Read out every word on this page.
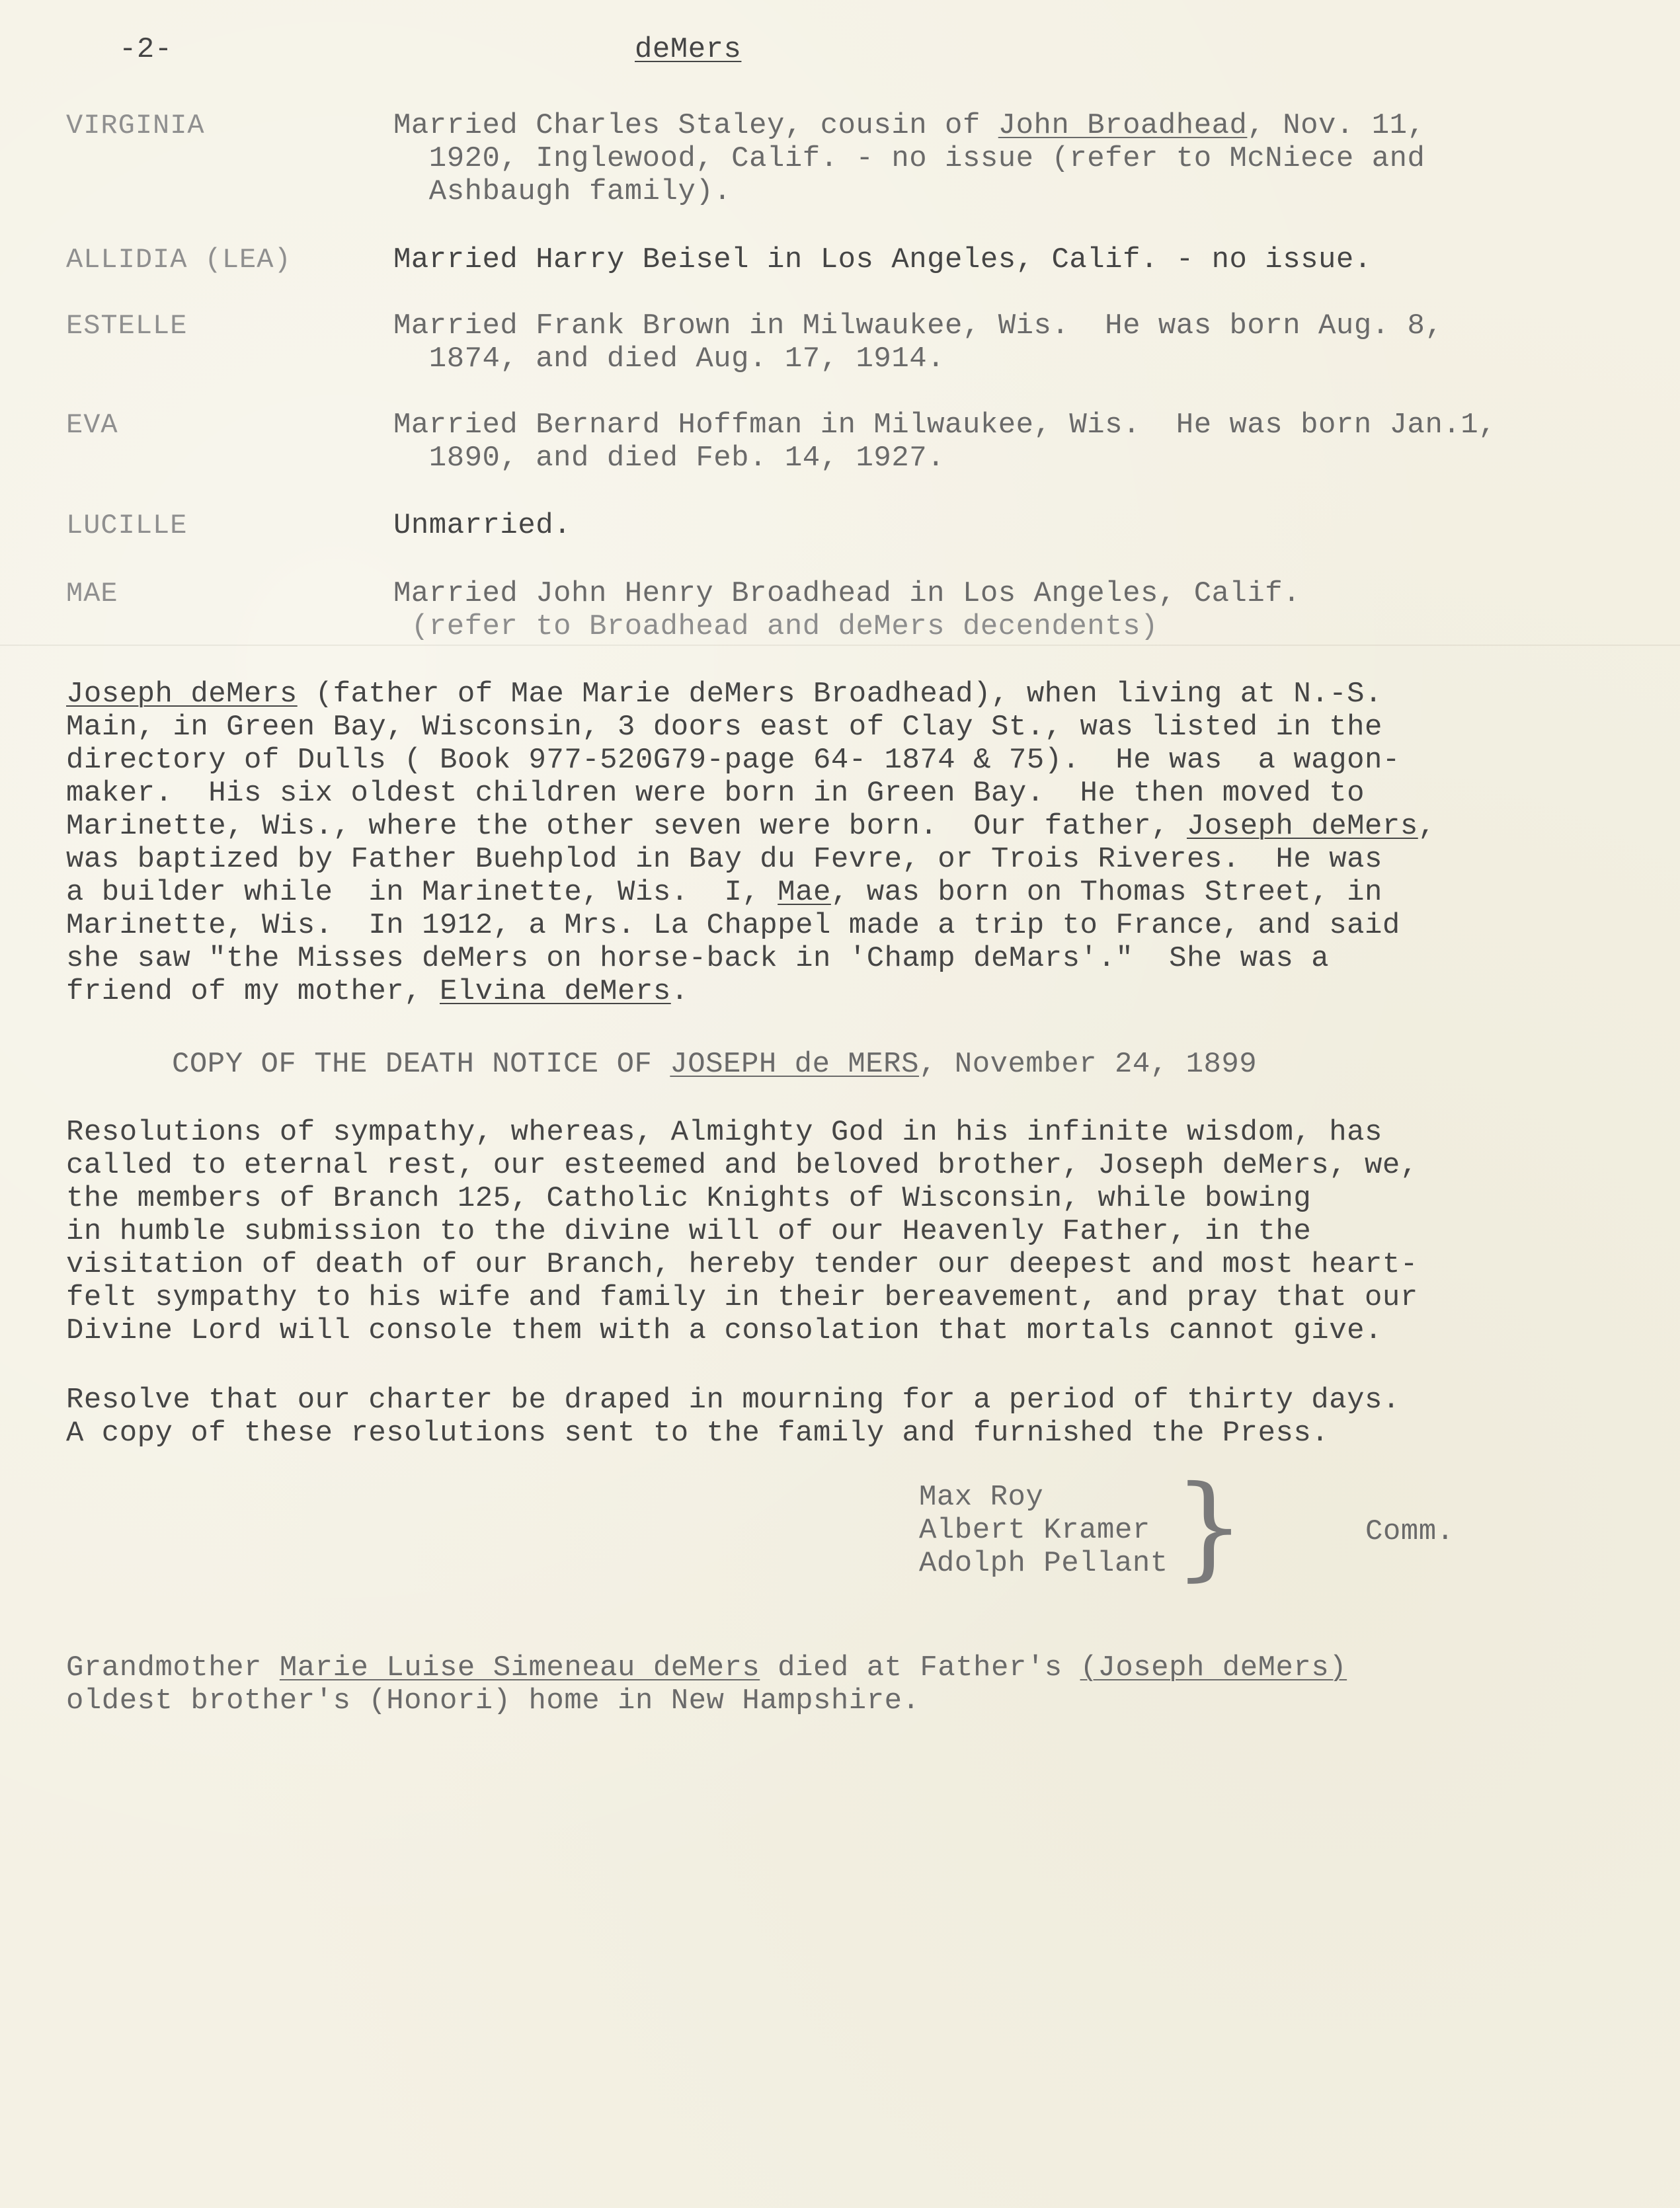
-2-	deMers
VIRGINIA	Married Charles Staley, cousin of John Broadhead, Nov. 11,
1920, Inglewood, Calif. - no issue (refer to McNiece and
Ashbaugh family).
ALLIDIA (LEA)	Married Harry Beisel in Los Angeles, Calif. - no issue.
ESTELLE	Married Frank Brown in Milwaukee, Wis.  He was born Aug. 8,
1874, and died Aug. 17, 1914.
EVA	Married Bernard Hoffman in Milwaukee, Wis.  He was born Jan.1,
1890, and died Feb. 14, 1927.
LUCILLE	Unmarried.
MAE	Married John Henry Broadhead in Los Angeles, Calif.
(refer to Broadhead and deMers decendents)
Joseph deMers (father of Mae Marie deMers Broadhead), when living at N.-S.
Main, in Green Bay, Wisconsin, 3 doors east of Clay St., was listed in the
directory of Dulls ( Book 977-520G79-page 64- 1874 & 75).  He was  a wagon-
maker.  His six oldest children were born in Green Bay.  He then moved to
Marinette, Wis., where the other seven were born.  Our father, Joseph deMers,
was baptized by Father Buehplod in Bay du Fevre, or Trois Riveres.  He was
a builder while  in Marinette, Wis.  I, Mae, was born on Thomas Street, in
Marinette, Wis.  In 1912, a Mrs. La Chappel made a trip to France, and said
she saw "the Misses deMers on horse-back in 'Champ deMars'."  She was a
friend of my mother, Elvina deMers.
COPY OF THE DEATH NOTICE OF JOSEPH de MERS, November 24, 1899
Resolutions of sympathy, whereas, Almighty God in his infinite wisdom, has
called to eternal rest, our esteemed and beloved brother, Joseph deMers, we,
the members of Branch 125, Catholic Knights of Wisconsin, while bowing
in humble submission to the divine will of our Heavenly Father, in the
visitation of death of our Branch, hereby tender our deepest and most heart-
felt sympathy to his wife and family in their bereavement, and pray that our
Divine Lord will console them with a consolation that mortals cannot give.
Resolve that our charter be draped in mourning for a period of thirty days.
A copy of these resolutions sent to the family and furnished the Press.
Max Roy
Albert Kramer
Adolph Pellant }	Comm.
Grandmother Marie Luise Simeneau deMers died at Father's (Joseph deMers)
oldest brother's (Honori) home in New Hampshire.
